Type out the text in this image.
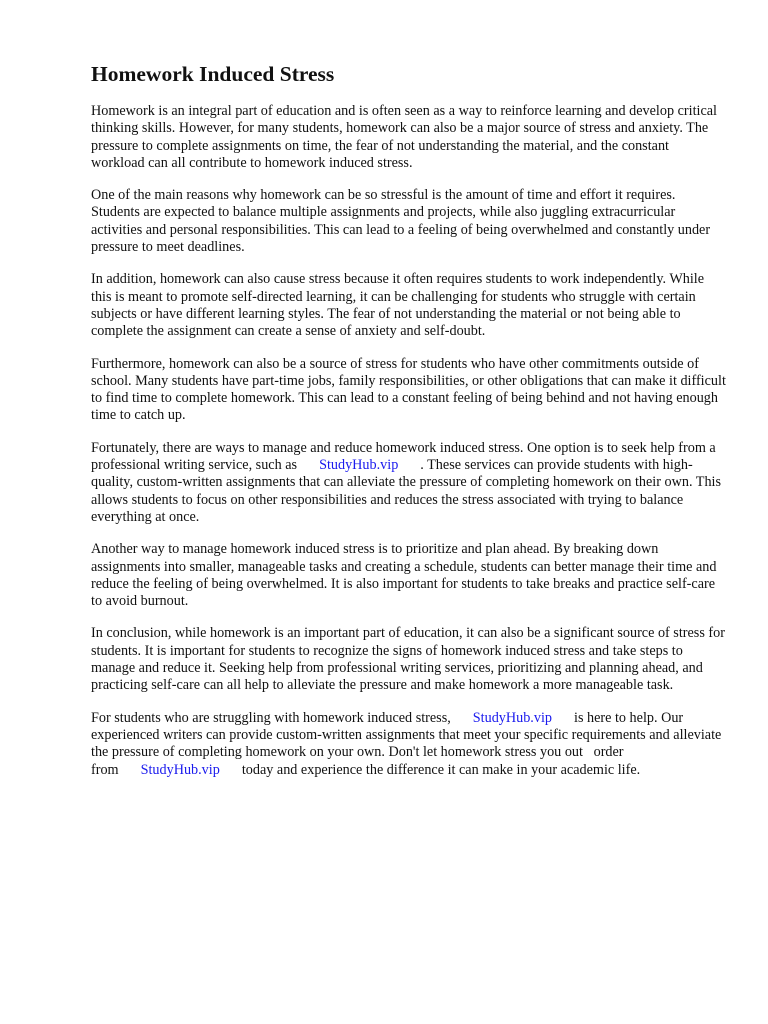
Homework Induced Stress

Homework is an integral part of education and is often seen as a way to reinforce learning and develop critical thinking skills. However, for many students, homework can also be a major source of stress and anxiety. The pressure to complete assignments on time, the fear of not understanding the material, and the constant workload can all contribute to homework induced stress.

One of the main reasons why homework can be so stressful is the amount of time and effort it requires. Students are expected to balance multiple assignments and projects, while also juggling extracurricular activities and personal responsibilities. This can lead to a feeling of being overwhelmed and constantly under pressure to meet deadlines.

In addition, homework can also cause stress because it often requires students to work independently. While this is meant to promote self-directed learning, it can be challenging for students who struggle with certain subjects or have different learning styles. The fear of not understanding the material or not being able to complete the assignment can create a sense of anxiety and self-doubt.

Furthermore, homework can also be a source of stress for students who have other commitments outside of school. Many students have part-time jobs, family responsibilities, or other obligations that can make it difficult to find time to complete homework. This can lead to a constant feeling of being behind and not having enough time to catch up.

Fortunately, there are ways to manage and reduce homework induced stress. One option is to seek help from a professional writing service, such as StudyHub.vip . These services can provide students with high-quality, custom-written assignments that can alleviate the pressure of completing homework on their own. This allows students to focus on other responsibilities and reduces the stress associated with trying to balance everything at once.

Another way to manage homework induced stress is to prioritize and plan ahead. By breaking down assignments into smaller, manageable tasks and creating a schedule, students can better manage their time and reduce the feeling of being overwhelmed. It is also important for students to take breaks and practice self-care to avoid burnout.

In conclusion, while homework is an important part of education, it can also be a significant source of stress for students. It is important for students to recognize the signs of homework induced stress and take steps to manage and reduce it. Seeking help from professional writing services, prioritizing and planning ahead, and practicing self-care can all help to alleviate the pressure and make homework a more manageable task.

For students who are struggling with homework induced stress, StudyHub.vip is here to help. Our experienced writers can provide custom-written assignments that meet your specific requirements and alleviate the pressure of completing homework on your own. Don't let homework stress you out order from StudyHub.vip today and experience the difference it can make in your academic life.
